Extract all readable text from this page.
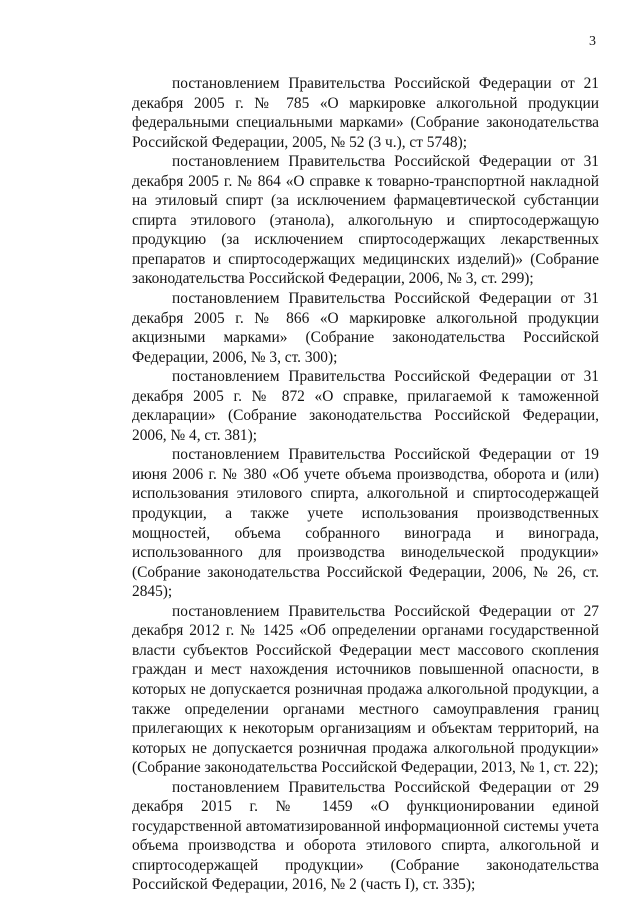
3

постановлением Правительства Российской Федерации от 21 декабря 2005 г. № 785 «О маркировке алкогольной продукции федеральными специальными марками» (Собрание законодательства Российской Федерации, 2005, № 52 (3 ч.), ст 5748);

постановлением Правительства Российской Федерации от 31 декабря 2005 г. № 864 «О справке к товарно-транспортной накладной на этиловый спирт (за исключением фармацевтической субстанции спирта этилового (этанола), алкогольную и спиртосодержащую продукцию (за исключением спиртосодержащих лекарственных препаратов и спиртосодержащих медицинских изделий)» (Собрание законодательства Российской Федерации, 2006, № 3, ст. 299);

постановлением Правительства Российской Федерации от 31 декабря 2005 г. № 866 «О маркировке алкогольной продукции акцизными марками» (Собрание законодательства Российской Федерации, 2006, № 3, ст. 300);

постановлением Правительства Российской Федерации от 31 декабря 2005 г. № 872 «О справке, прилагаемой к таможенной декларации» (Собрание законодательства Российской Федерации, 2006, № 4, ст. 381);

постановлением Правительства Российской Федерации от 19 июня 2006 г. № 380 «Об учете объема производства, оборота и (или) использования этилового спирта, алкогольной и спиртосодержащей продукции, а также учете использования производственных мощностей, объема собранного винограда и винограда, использованного для производства винодельческой продукции» (Собрание законодательства Российской Федерации, 2006, № 26, ст. 2845);

постановлением Правительства Российской Федерации от 27 декабря 2012 г. № 1425 «Об определении органами государственной власти субъектов Российской Федерации мест массового скопления граждан и мест нахождения источников повышенной опасности, в которых не допускается розничная продажа алкогольной продукции, а также определении органами местного самоуправления границ прилегающих к некоторым организациям и объектам территорий, на которых не допускается розничная продажа алкогольной продукции» (Собрание законодательства Российской Федерации, 2013, № 1, ст. 22);

постановлением Правительства Российской Федерации от 29 декабря 2015 г. № 1459 «О функционировании единой государственной автоматизированной информационной системы учета объема производства и оборота этилового спирта, алкогольной и спиртосодержащей продукции» (Собрание законодательства Российской Федерации, 2016, № 2 (часть I), ст. 335);
